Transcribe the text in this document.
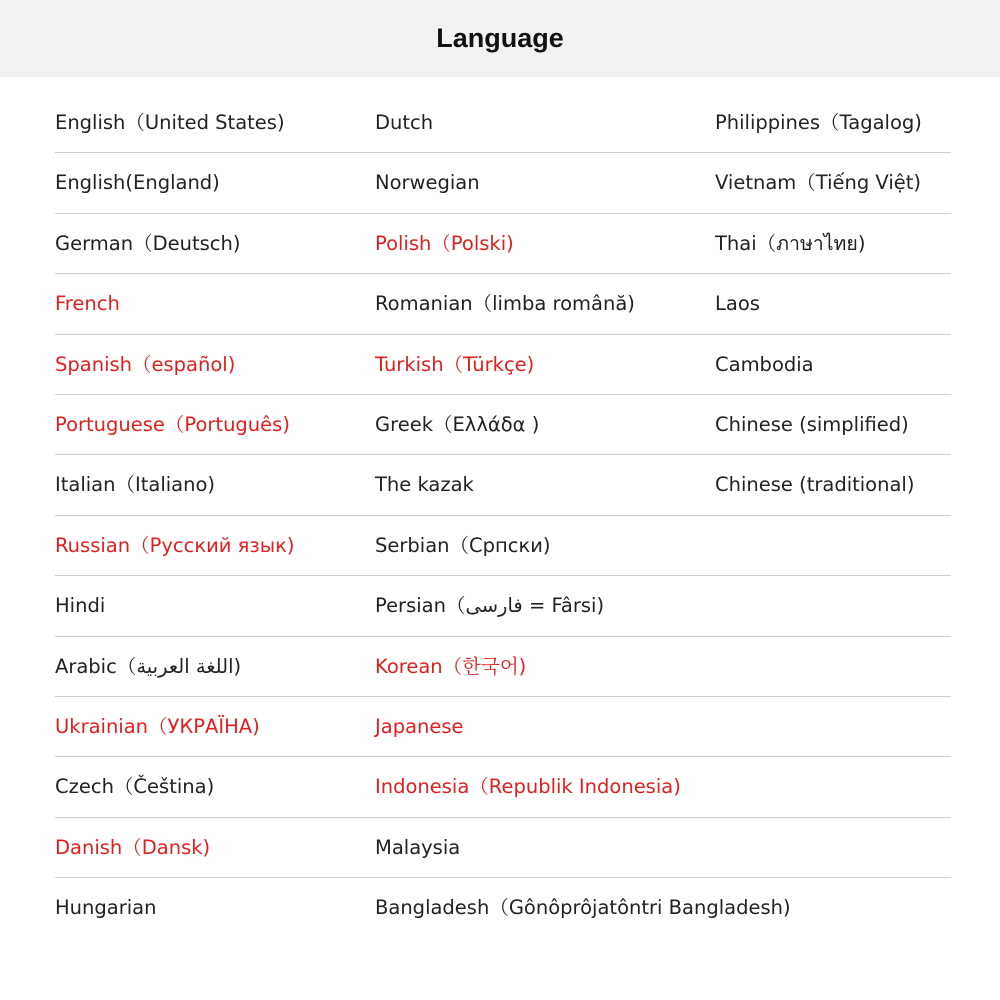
Language
English（United States)	Dutch	Philippines（Tagalog)
English(England)	Norwegian	Vietnam（Tiếng Việt)
German（Deutsch)	Polish（Polski)	Thai（ภาษาไทย)
French	Romanian（limba română)	Laos
Spanish（español)	Turkish（Türkçe)	Cambodia
Portuguese（Português)	Greek（Ελλάδα )	Chinese (simplified)
Italian（Italiano)	The kazak	Chinese (traditional)
Russian（Русский язык)	Serbian（Српски)
Hindi	Persian（فارسی‎ = Fârsi)
Arabic（اللغة العربية)	Korean（한국어)
Ukrainian（УКРАЇНА)	Japanese
Czech（Čeština)	Indonesia（Republik Indonesia)
Danish（Dansk)	Malaysia
Hungarian	Bangladesh（Gônôprôjatôntri Bangladesh)
